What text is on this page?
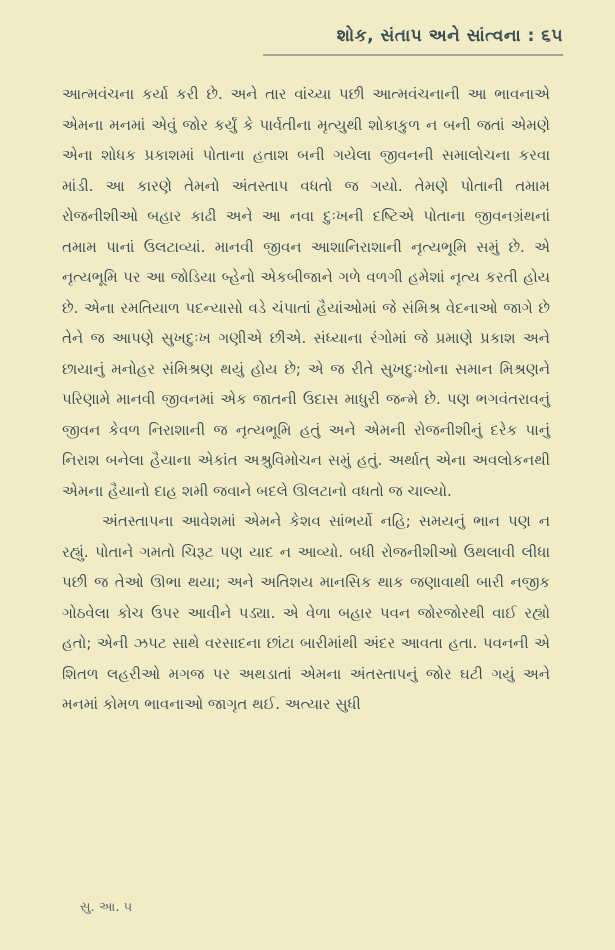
શોક, સંતાપ અને સાંત્વના : ૬૫

આત્મવંચના કર્યા કરી છે. અને તાર વાંચ્યા પછી આત્મવંચનાની આ ભાવનાએ એમના મનમાં એવું જોર કર્યું કે પાર્વતીના મૃત્યુથી શોકાકુળ ન બની જતાં એમણે એના શોધક પ્રકાશમાં પોતાના હતાશ બની ગયેલા જીવનની સમાલોચના કરવા માંડી. આ કારણે તેમનો અંતસ્તાપ વધતો જ ગયો. તેમણે પોતાની તમામ રોજનીશીઓ બહાર કાઢી અને આ નવા દુઃખની દષ્ટિએ પોતાના જીવનગ્રંથનાં તમામ પાનાં ઉલટાવ્યાં. માનવી જીવન આશાનિરાશાની નૃત્યભૂમિ સમું છે. એ નૃત્યભૂમિ પર આ જોડિયા બ્હેનો એકબીજાને ગળે વળગી હમેશાં નૃત્ય કરતી હોય છે. એના રમતિયાળ પદન્યાસો વડે ચંપાતાં હૈયાંઓમાં જે સંમિશ્ર વેદનાઓ જાગે છે તેને જ આપણે સુખદુઃખ ગણીએ છીએ. સંધ્યાના રંગોમાં જે પ્રમાણે પ્રકાશ અને છાયાનું મનોહર સંમિશ્રણ થયું હોય છે; એ જ રીતે સુખદુઃખોના સમાન મિશ્રણને પરિણામે માનવી જીવનમાં એક જાતની ઉદાસ માધુરી જન્મે છે. પણ ભગવંતરાવનું જીવન કેવળ નિરાશાની જ નૃત્યભૂમિ હતું અને એમની રોજનીશીનું દરેક પાનું નિરાશ બનેલા હૈયાના એકાંત અશ્રુવિમોચન સમું હતું. અર્થાત્ એના અવલોકનથી એમના હૈયાનો દાહ શમી જવાને બદલે ઊલટાનો વધતો જ ચાલ્યો.

અંતસ્તાપના આવેશમાં એમને કેશવ સાંભર્યો નહિ; સમયનું ભાન પણ ન રહ્યું. પોતાને ગમતો ચિરૂટ પણ યાદ ન આવ્યો. બધી રોજનીશીઓ ઉથલાવી લીધા પછી જ તેઓ ઊભા થયા; અને અતિશય માનસિક થાક જણાવાથી બારી નજીક ગોઠવેલા કોચ ઉપર આવીને પડ્યા. એ વેળા બહાર પવન જોરજોરથી વાઈ રહ્યો હતો; એની ઝપટ સાથે વરસાદના છાંટા બારીમાંથી અંદર આવતા હતા. પવનની એ શિતળ લહરીઓ મગજ પર અથડાતાં એમના અંતસ્તાપનું જોર ઘટી ગયું અને મનમાં કોમળ ભાવનાઓ જાગૃત થઈ. અત્યાર સુધી

સુ. આ. ૫
